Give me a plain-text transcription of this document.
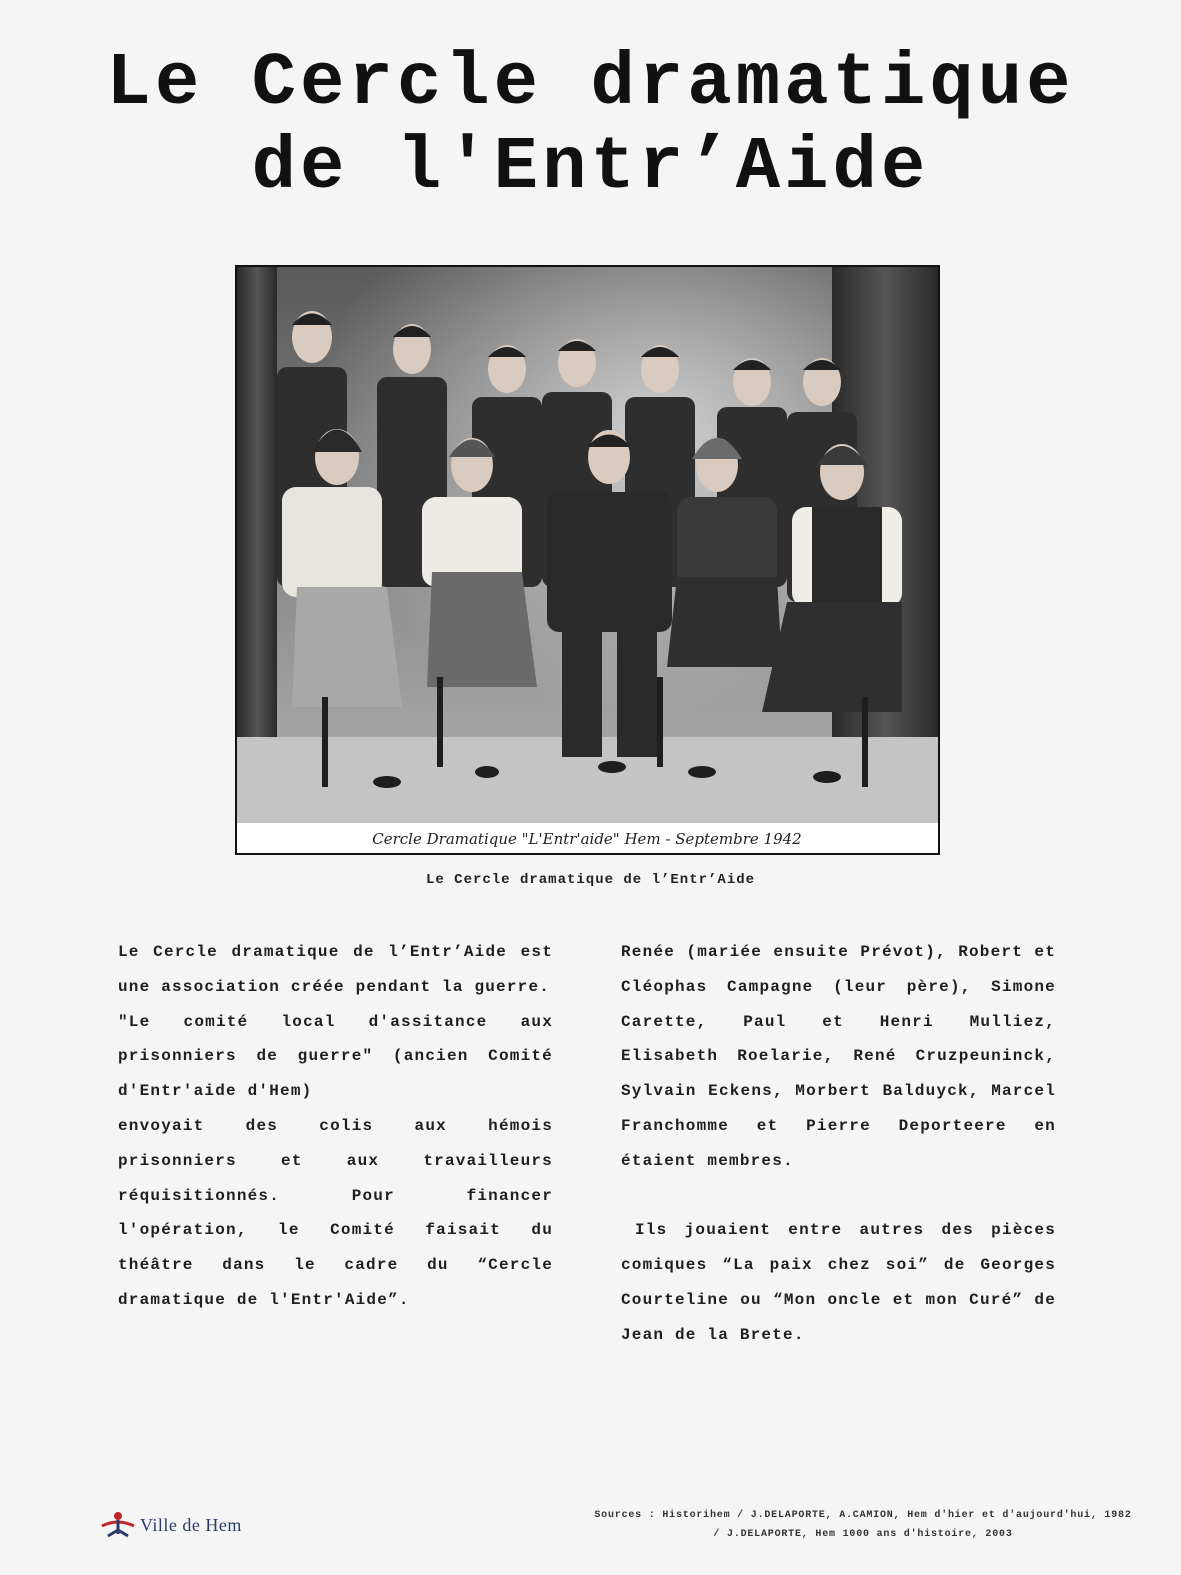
Le Cercle dramatique
de l'Entr’Aide
Cercle Dramatique "L'Entr'aide" Hem - Septembre 1942
Le Cercle dramatique de l’Entr’Aide

Le Cercle dramatique de l’Entr’Aide est une association créée pendant la guerre.

"Le comité local d'assitance aux prisonniers de guerre" (ancien Comité d'Entr'aide d'Hem)

envoyait des colis aux hémois prisonniers et aux travailleurs réquisitionnés. Pour financer l'opération, le Comité faisait du théâtre dans le cadre du “Cercle dramatique de l'Entr'Aide”.

Renée (mariée ensuite Prévot), Robert et Cléophas Campagne (leur père), Simone Carette, Paul et Henri Mulliez, Elisabeth Roelarie, René Cruzpeuninck, Sylvain Eckens, Morbert Balduyck, Marcel Franchomme et Pierre Deporteere en étaient membres.

Ils jouaient entre autres des pièces comiques “La paix chez soi” de Georges Courteline ou “Mon oncle et mon Curé” de Jean de la Brete.

Ville de Hem	Sources : Historihem / J.DELAPORTE, A.CAMION, Hem d'hier et d'aujourd'hui, 1982
/ J.DELAPORTE, Hem 1000 ans d'histoire, 2003
